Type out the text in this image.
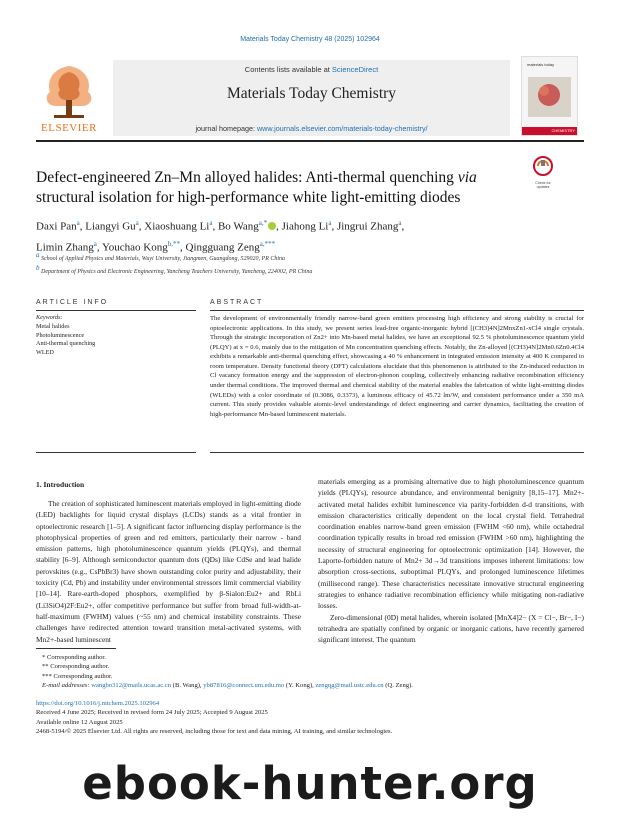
Materials Today Chemistry 48 (2025) 102964
ELSEVIER
Contents lists available at ScienceDirect
Materials Today Chemistry
journal homepage: www.journals.elsevier.com/materials-today-chemistry/
materials today
CHEMISTRY
Check for updates
Defect-engineered Zn–Mn alloyed halides: Anti-thermal quenching via structural isolation for high-performance white light-emitting diodes
Daxi Pan$^a$, Liangyi Gu$^a$, Xiaoshuang Li$^a$, Bo Wang$^{a,*}$ , Jiahong Li$^a$, Jingrui Zhang$^a$,
Limin Zhang$^a$, Youchao Kong$^{b,**}$, Qingguang Zeng$^{a,***}$
$^a$ School of Applied Physics and Materials, Wuyi University, Jiangmen, Guangdong, 529020, PR China
$^b$ Department of Physics and Electronic Engineering, Yancheng Teachers University, Yancheng, 224002, PR China
ARTICLE INFO	ABSTRACT
Keywords:
Metal halides
Photoluminescence
Anti-thermal quenching
WLED
The development of environmentally friendly narrow-band green emitters processing high efficiency and strong stability is crucial for optoelectronic applications. In this study, we present series lead-free organic-inorganic hybrid [(CH3)4N]2MnxZn1-xCl4 single crystals. Through the strategic incorporation of Zn2+ into Mn-based metal halides, we have an exceptional 92.5 % photoluminescence quantum yield (PLQY) at x = 0.6, mainly due to the mitigation of Mn concentration quenching effects. Notably, the Zn-alloyed [(CH3)4N]2Mn0.6Zn0.4Cl4 exhibits a remarkable anti-thermal quenching effect, showcasing a 40 % enhancement in integrated emission intensity at 400 K compared to room temperature. Density functional theory (DFT) calculations elucidate that this phenomenon is attributed to the Zn-induced reduction in Cl vacancy formation energy and the suppression of electron-phonon coupling, collectively enhancing radiative recombination efficiency under thermal conditions. The improved thermal and chemical stability of the material enables the fabrication of white light-emitting diodes (WLEDs) with a color coordinate of (0.3086, 0.3373), a luminous efficacy of 45.72 lm/W, and consistent performance under a 350 mA current. This study provides valuable atomic-level understandings of defect engineering and carrier dynamics, facilitating the creation of high-performance Mn-based luminescent materials.
1. Introduction

The creation of sophisticated luminescent materials employed in light-emitting diode (LED) backlights for liquid crystal displays (LCDs) stands as a vital frontier in optoelectronic research [1–5]. A significant factor influencing display performance is the photophysical properties of green and red emitters, particularly their narrow - band emission patterns, high photoluminescence quantum yields (PLQYs), and thermal stability [6–9]. Although semiconductor quantum dots (QDs) like CdSe and lead halide perovskites (e.g., CsPbBr3) have shown outstanding color purity and adjustability, their toxicity (Cd, Pb) and instability under environmental stressors limit commercial viability [10–14]. Rare-earth-doped phosphors, exemplified by β-Sialon:Eu2+ and RbLi (Li3SiO4)2F:Eu2+, offer competitive performance but suffer from broad full-width-at-half-maximum (FWHM) values (~55 nm) and chemical instability constraints. These challenges have redirected attention toward transition metal-activated systems, with Mn2+-based luminescent

materials emerging as a promising alternative due to high photoluminescence quantum yields (PLQYs), resource abundance, and environmental benignity [8,15–17]. Mn2+-activated metal halides exhibit luminescence via parity-forbidden d-d transitions, with emission characteristics critically dependent on the local crystal field. Tetrahedral coordination enables narrow-band green emission (FWHM <60 nm), while octahedral coordination typically results in broad red emission (FWHM >60 nm), highlighting the necessity of structural engineering for optoelectronic optimization [14]. However, the Laporte-forbidden nature of Mn2+ 3d→3d transitions imposes inherent limitations: low absorption cross-sections, suboptimal PLQYs, and prolonged luminescence lifetimes (millisecond range). These characteristics necessitate innovative structural engineering strategies to enhance radiative recombination efficiency while mitigating non-radiative losses.

Zero-dimensional (0D) metal halides, wherein isolated [MnX4]2− (X = Cl−, Br−, I−) tetrahedra are spatially confined by organic or inorganic cations, have recently garnered significant interest. The quantum

* Corresponding author.
** Corresponding author.
*** Corresponding author.
E-mail addresses: wangbo312@mails.ucas.ac.cn (B. Wang), yb87816@connect.um.edu.mo (Y. Kong), zengqg@mail.ustc.edu.cn (Q. Zeng).
https://doi.org/10.1016/j.mtchem.2025.102964
Received 4 June 2025; Received in revised form 24 July 2025; Accepted 9 August 2025
Available online 12 August 2025
2468-5194/© 2025 Elsevier Ltd. All rights are reserved, including those for text and data mining, AI training, and similar technologies.
ebook-hunter.org
